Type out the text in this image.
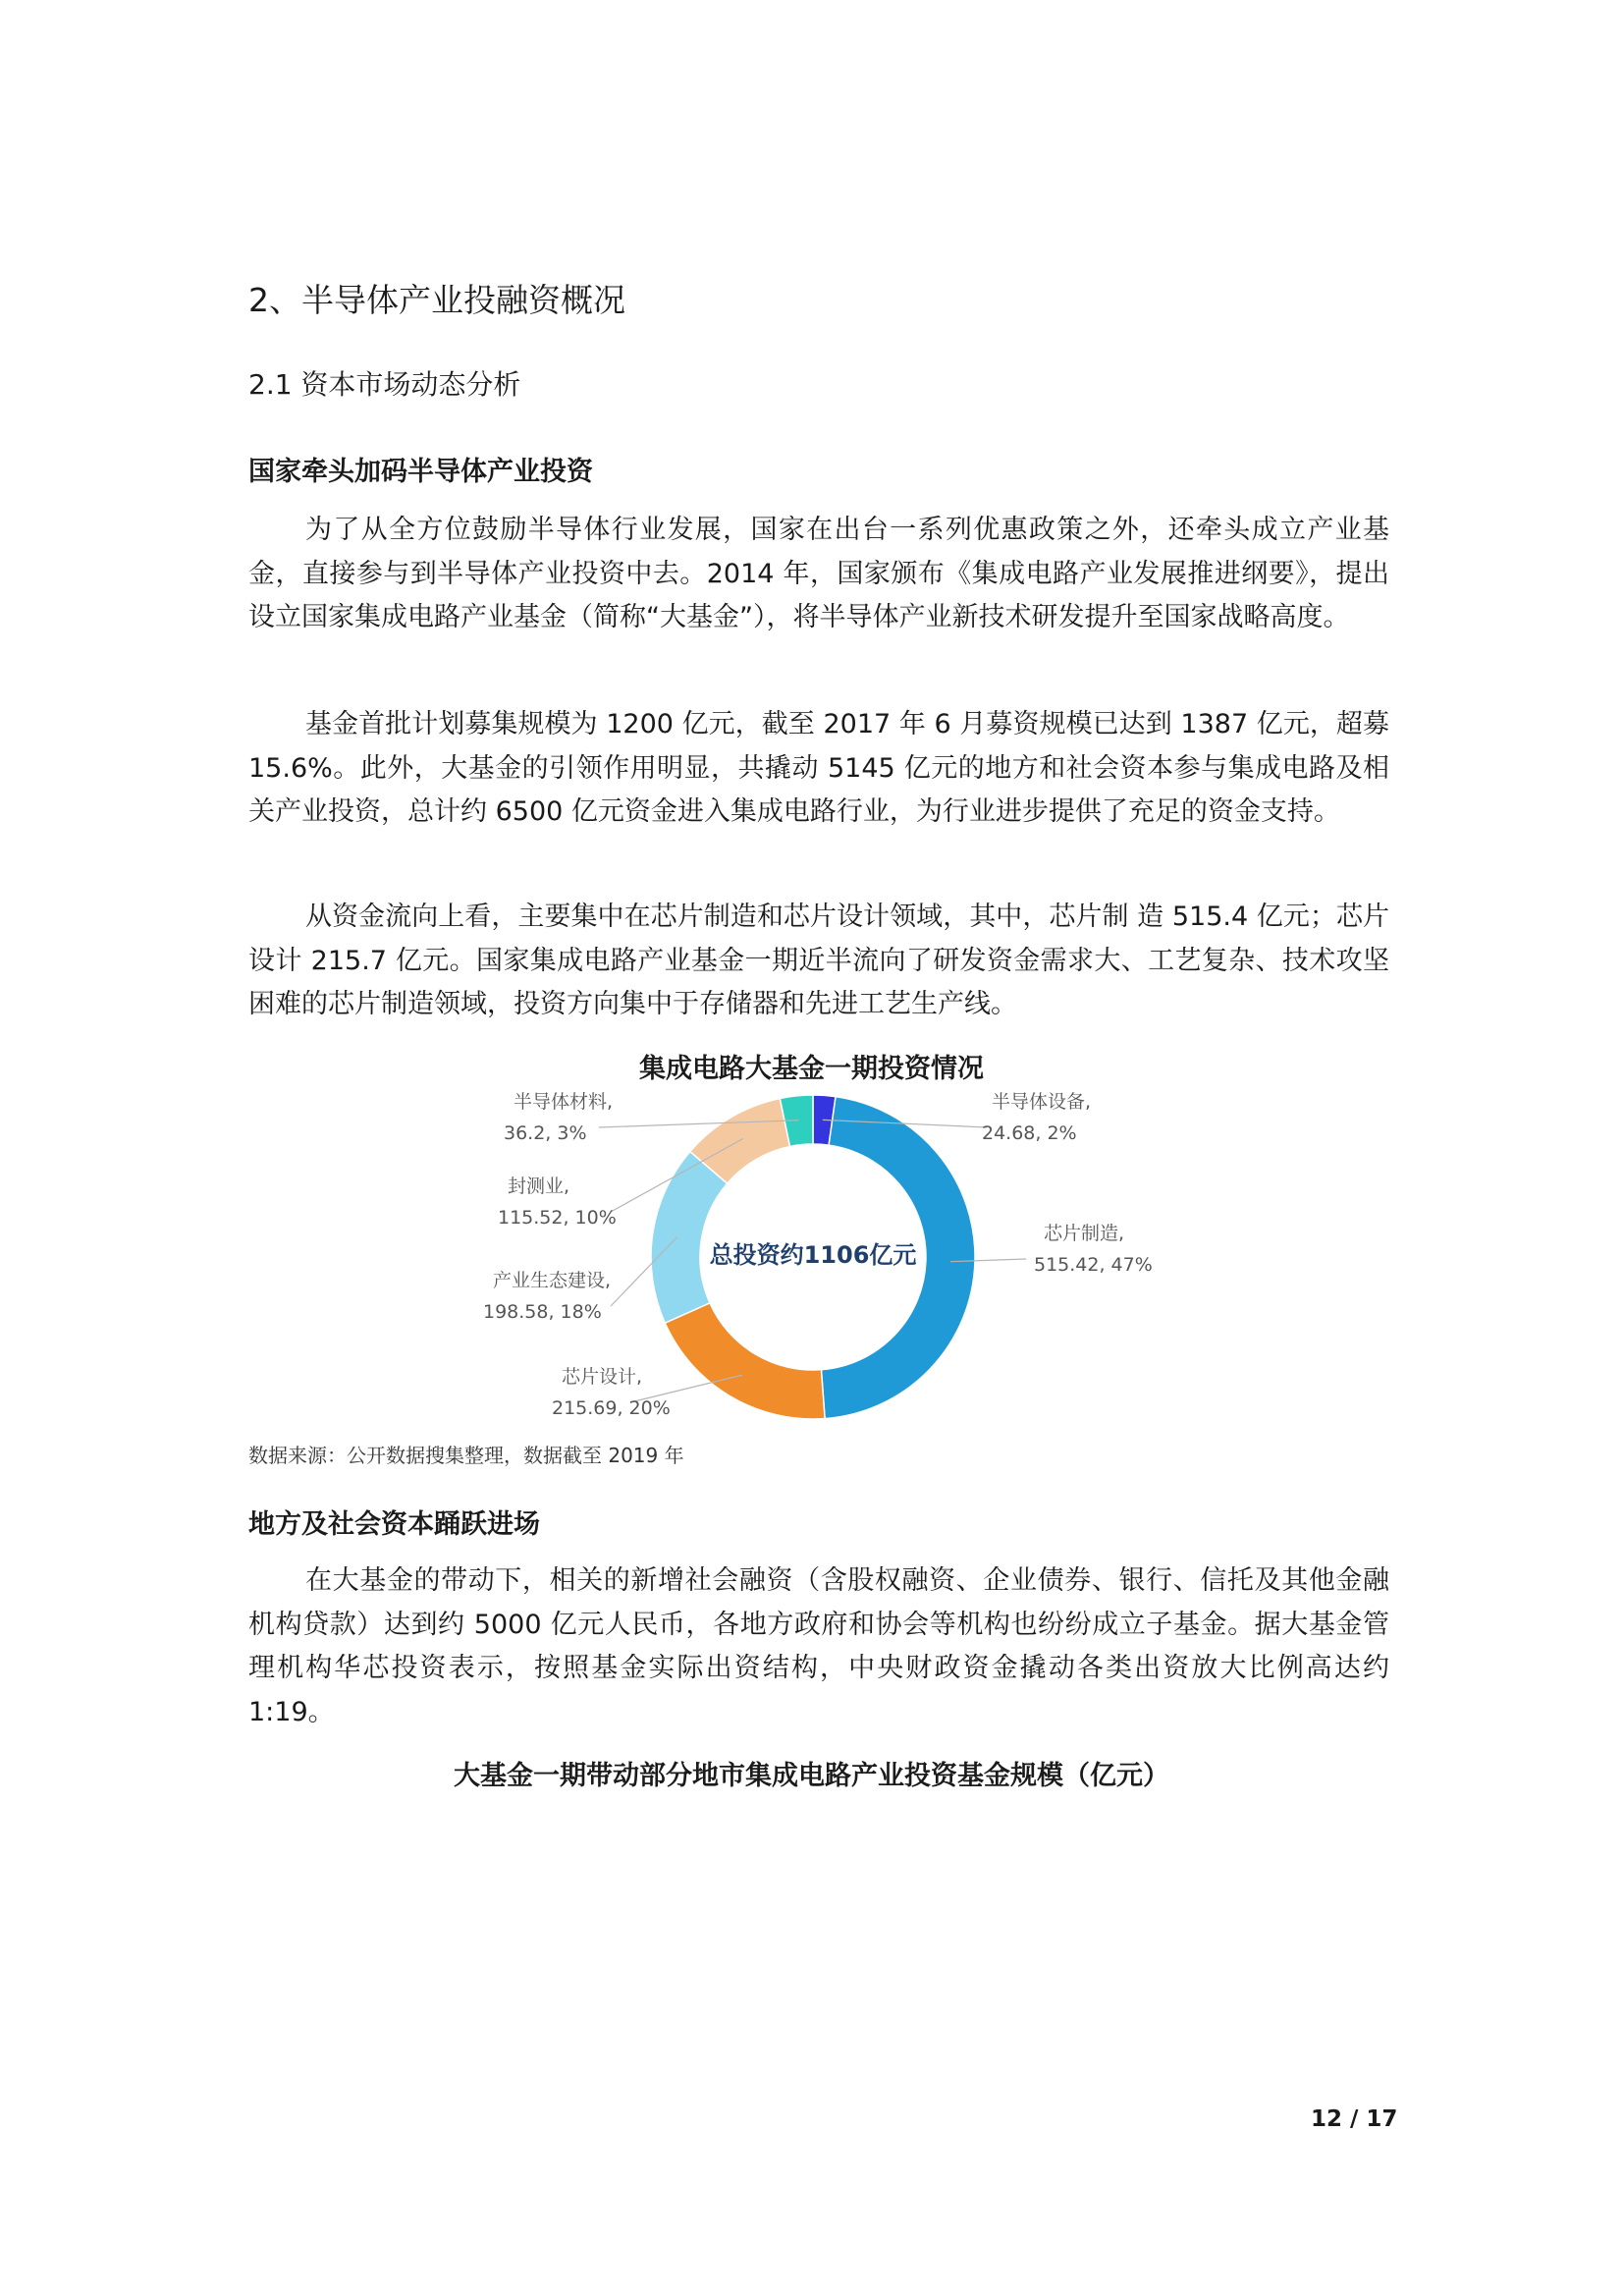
2、半导体产业投融资概况
2.1 资本市场动态分析
国家牵头加码半导体产业投资

为了从全方位鼓励半导体行业发展，国家在出台一系列优惠政策之外，还牵头成立产业基金，直接参与到半导体产业投资中去。2014 年，国家颁布《集成电路产业发展推进纲要》，提出设立国家集成电路产业基金（简称“大基金”），将半导体产业新技术研发提升至国家战略高度。

基金首批计划募集规模为 1200 亿元，截至 2017 年 6 月募资规模已达到 1387 亿元，超募 15.6%。此外，大基金的引领作用明显，共撬动 5145 亿元的地方和社会资本参与集成电路及相关产业投资，总计约 6500 亿元资金进入集成电路行业，为行业进步提供了充足的资金支持。

从资金流向上看，主要集中在芯片制造和芯片设计领域，其中，芯片制 造 515.4 亿元；芯片设计 215.7 亿元。国家集成电路产业基金一期近半流向了研发资金需求大、工艺复杂、技术攻坚困难的芯片制造领域，投资方向集中于存储器和先进工艺生产线。

集成电路大基金一期投资情况
半导体设备,
24.68, 2%
芯片制造,
515.42, 47%
芯片设计,
215.69, 20%
产业生态建设,
198.58, 18%
封测业,
115.52, 10%
半导体材料,
36.2, 3%
总投资约1106亿元
数据来源：公开数据搜集整理，数据截至 2019 年
地方及社会资本踊跃进场

在大基金的带动下，相关的新增社会融资（含股权融资、企业债券、银行、信托及其他金融机构贷款）达到约 5000 亿元人民币，各地方政府和协会等机构也纷纷成立子基金。据大基金管理机构华芯投资表示，按照基金实际出资结构，中央财政资金撬动各类出资放大比例高达约 1:19。

大基金一期带动部分地市集成电路产业投资基金规模（亿元）
12 / 17
